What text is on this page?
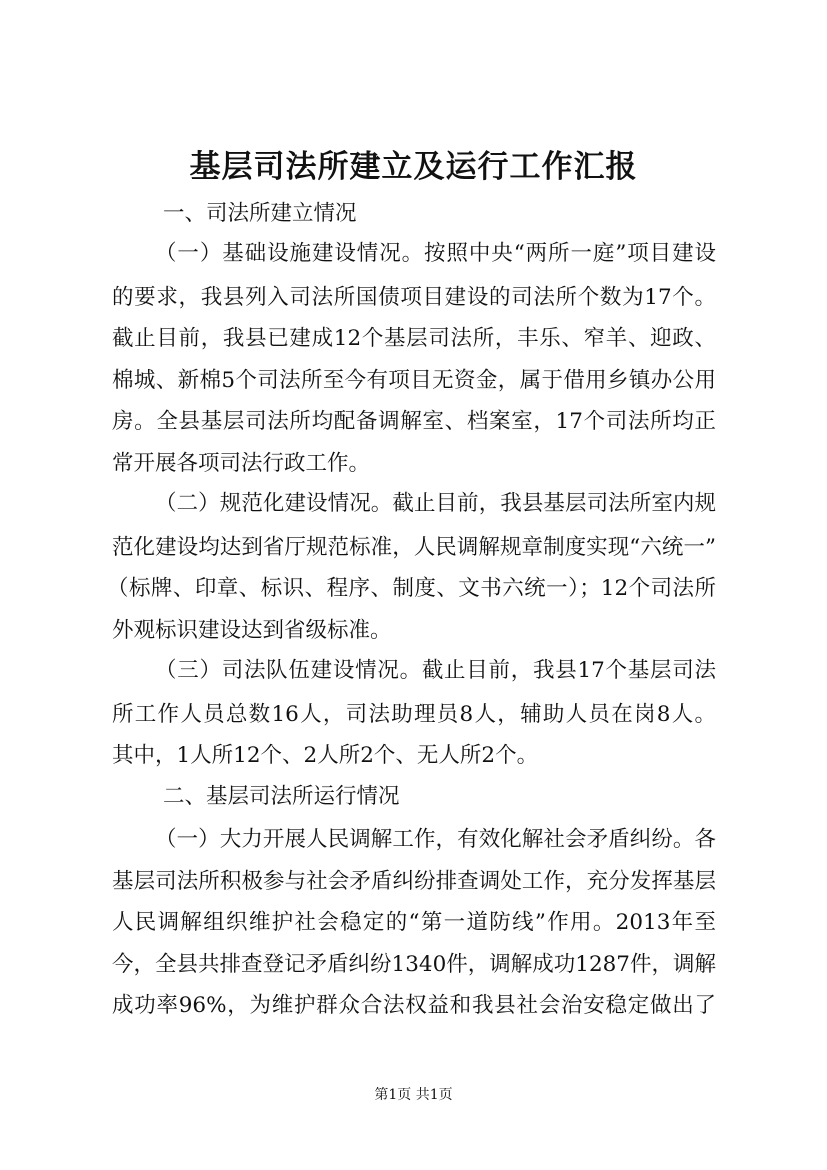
基层司法所建立及运行工作汇报
一、司法所建立情况
（一）基础设施建设情况。按照中央“两所一庭”项目建设
的要求，我县列入司法所国债项目建设的司法所个数为17个。
截止目前，我县已建成12个基层司法所，丰乐、窄羊、迎政、
棉城、新棉5个司法所至今有项目无资金，属于借用乡镇办公用
房。全县基层司法所均配备调解室、档案室，17个司法所均正
常开展各项司法行政工作。
（二）规范化建设情况。截止目前，我县基层司法所室内规
范化建设均达到省厅规范标准，人民调解规章制度实现“六统一”
（标牌、印章、标识、程序、制度、文书六统一）；12个司法所
外观标识建设达到省级标准。
（三）司法队伍建设情况。截止目前，我县17个基层司法
所工作人员总数16人，司法助理员8人，辅助人员在岗8人。
其中，1人所12个、2人所2个、无人所2个。
二、基层司法所运行情况
（一）大力开展人民调解工作，有效化解社会矛盾纠纷。各
基层司法所积极参与社会矛盾纠纷排查调处工作，充分发挥基层
人民调解组织维护社会稳定的“第一道防线”作用。2013年至
今，全县共排查登记矛盾纠纷1340件，调解成功1287件，调解
成功率96%，为维护群众合法权益和我县社会治安稳定做出了
第1页 共1页
